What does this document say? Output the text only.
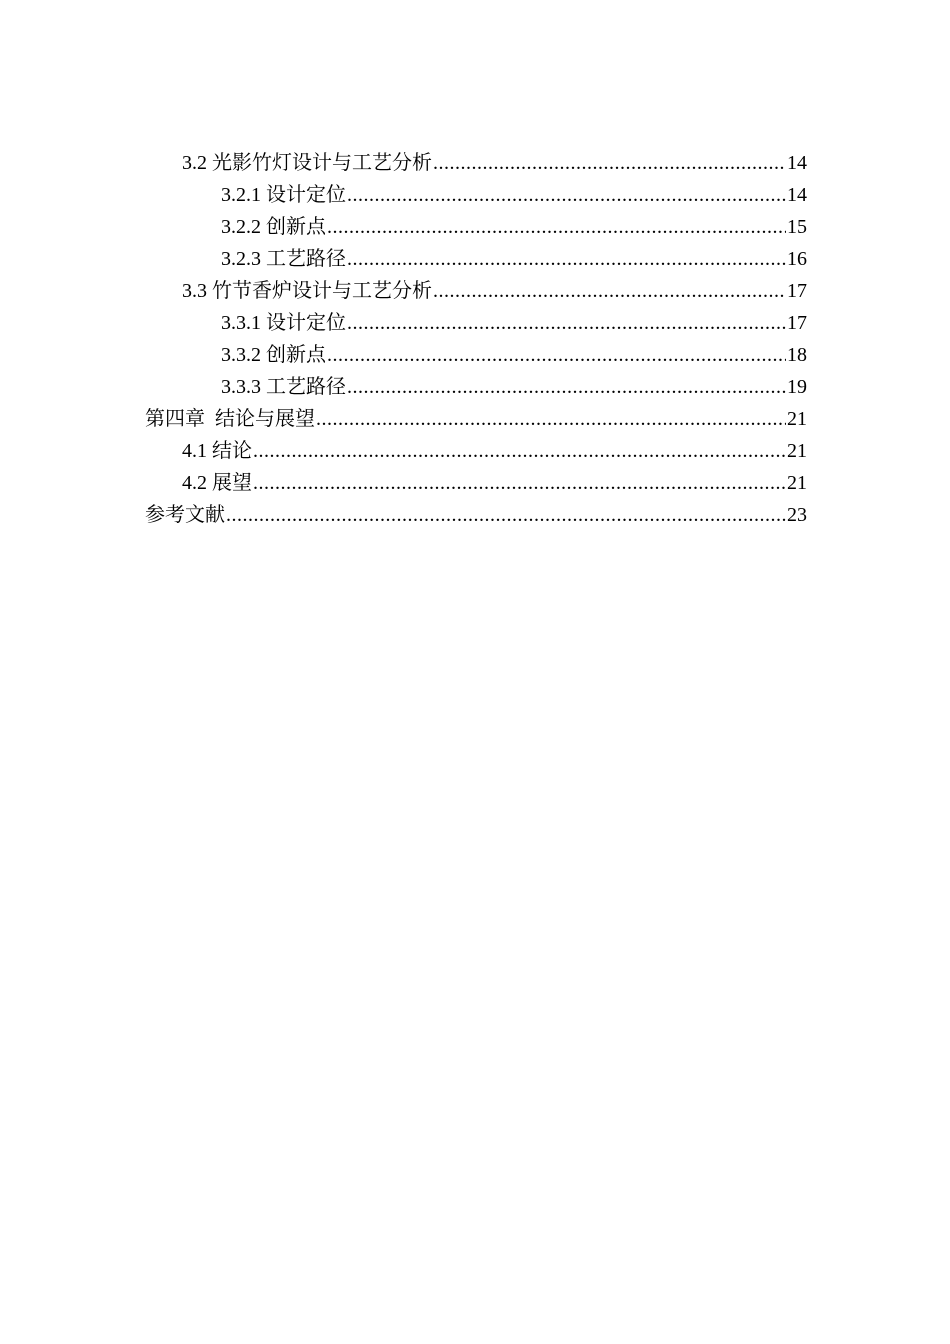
3.2 光影竹灯设计与工艺分析 .....	14
3.2.1 设计定位 .....	14
3.2.2 创新点 .....	15
3.2.3 工艺路径 .....	16
3.3 竹节香炉设计与工艺分析 .....	17
3.3.1 设计定位 .....	17
3.3.2 创新点 .....	18
3.3.3 工艺路径 .....	19
第四章  结论与展望 .....	21
4.1 结论 .....	21
4.2 展望 .....	21
参考文献 .....	23
